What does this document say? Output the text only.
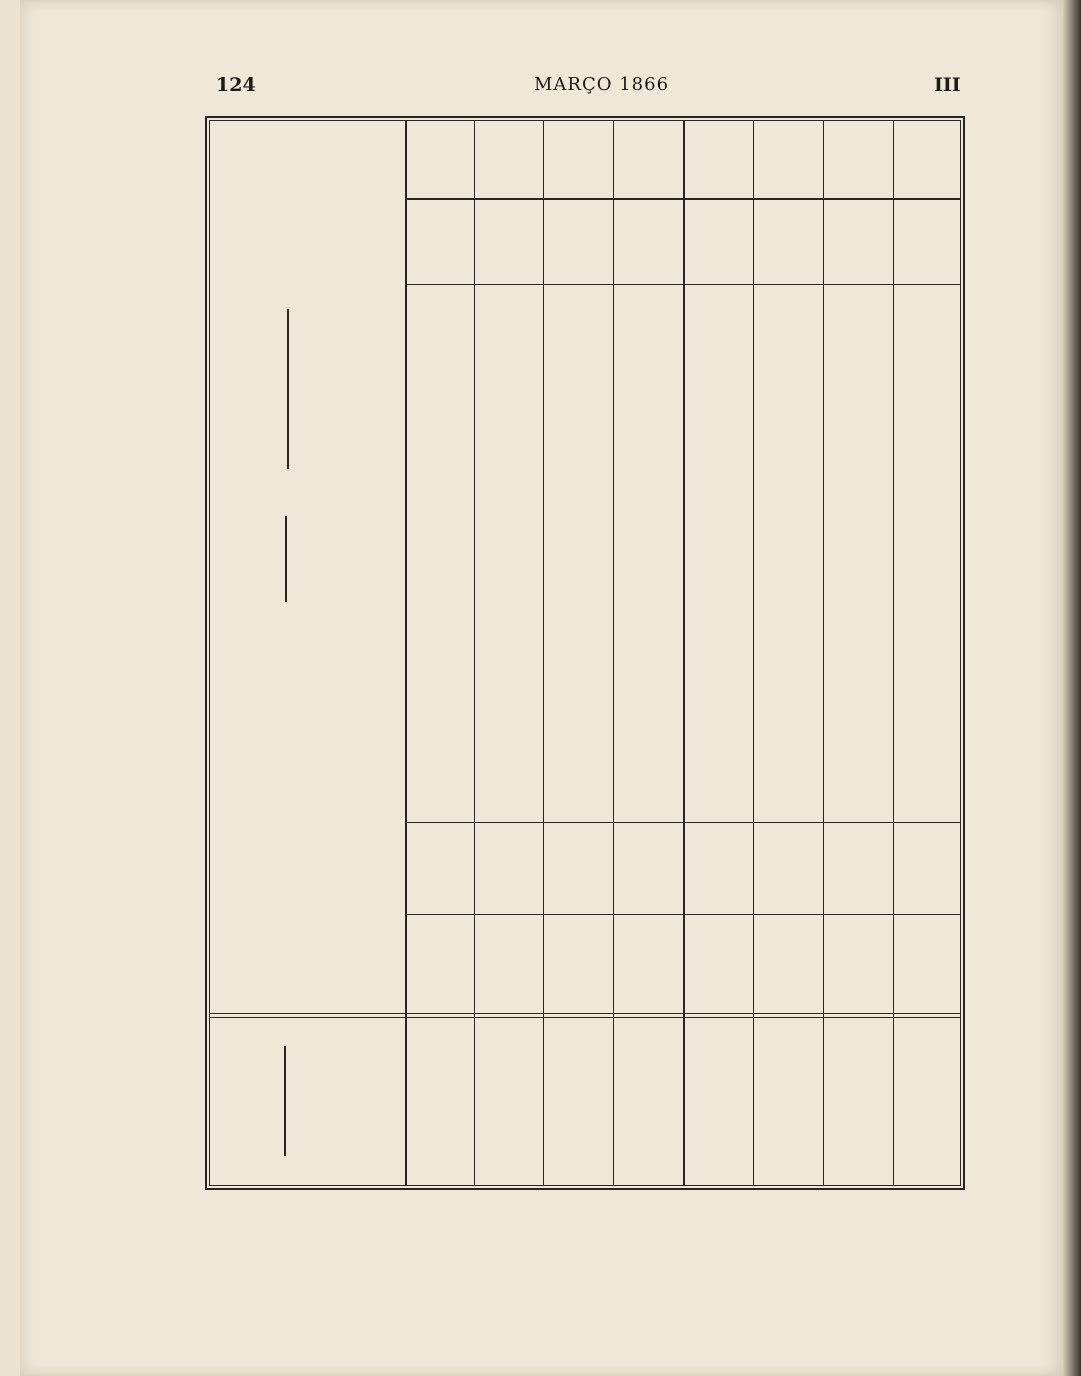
124	MARÇO 1866	III
